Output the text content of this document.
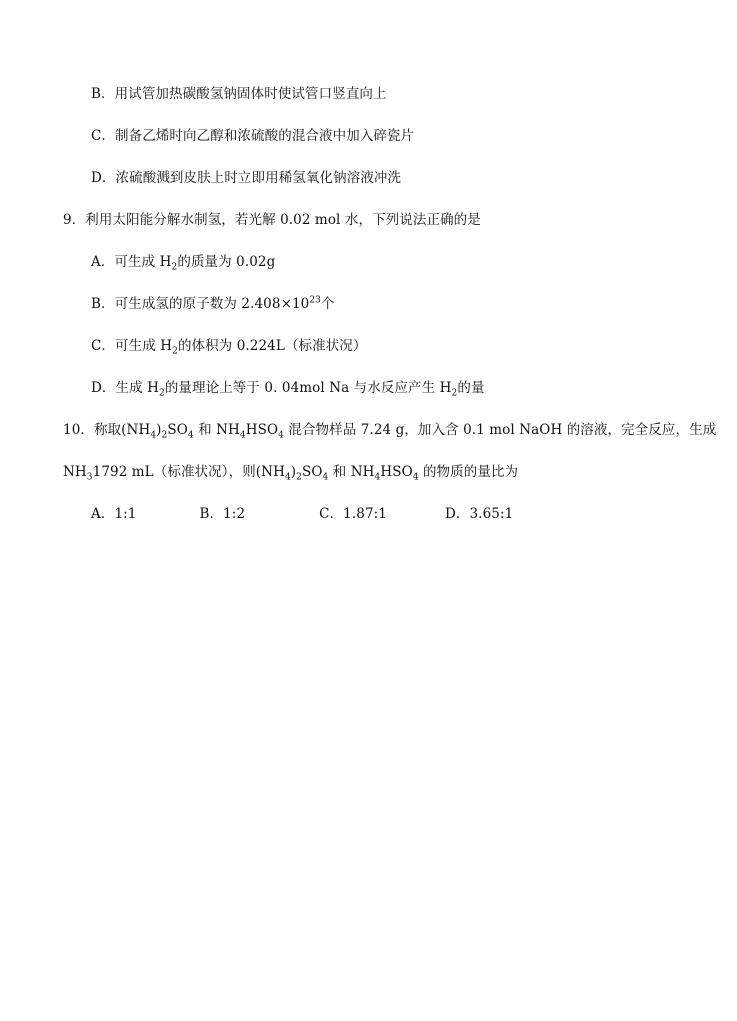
B．用试管加热碳酸氢钠固体时使试管口竖直向上
C．制备乙烯时向乙醇和浓硫酸的混合液中加入碎瓷片
D．浓硫酸溅到皮肤上时立即用稀氢氧化钠溶液冲洗
9．利用太阳能分解水制氢，若光解 0.02 mol 水，下列说法正确的是
A．可生成 $H_2$的质量为 0.02g
B．可生成氢的原子数为 $2.408\times 10^{23}$个
C．可生成 $H_2$的体积为 0.224L（标准状况）
D．生成 $H_2$的量理论上等于 0. 04mol Na 与水反应产生 $H_2$的量
10．称取$(NH_4)_2SO_4$ 和 $NH_4HSO_4$ 混合物样品 7.24 g，加入含 0.1 mol NaOH 的溶液，完全反应，生成
$NH_31792$ mL（标准状况），则$(NH_4)_2SO_4$ 和 $NH_4HSO_4$ 的物质的量比为
A．1:1	B．1:2	C．1.87:1	D．3.65:1
